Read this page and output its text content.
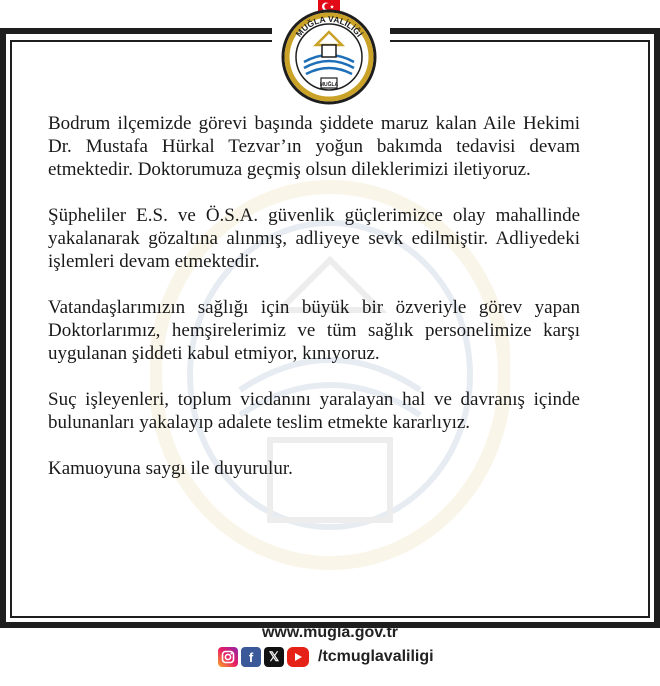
MUĞLA VALİLİĞİ
MUĞLA

Bodrum ilçemizde görevi başında şiddete maruz kalan Aile Hekimi Dr. Mustafa Hürkal Tezvar’ın yoğun bakımda tedavisi devam etmektedir. Doktorumuza geçmiş olsun dileklerimizi iletiyoruz.

Şüpheliler E.S. ve Ö.S.A. güvenlik güçlerimizce olay mahallinde yakalanarak gözaltına alınmış, adliyeye sevk edilmiştir. Adliyedeki işlemleri devam etmektedir.

Vatandaşlarımızın sağlığı için büyük bir özveriyle görev yapan Doktorlarımız, hemşirelerimiz ve tüm sağlık personelimize karşı uygulanan şiddeti kabul etmiyor, kınıyoruz.

Suç işleyenleri, toplum vicdanını yaralayan hal ve davranış içinde bulunanları yakalayıp adalete teslim etmekte kararlıyız.

Kamuoyuna saygı ile duyurulur.

www.mugla.gov.tr
f	𝕏 /tcmuglavaliligi
